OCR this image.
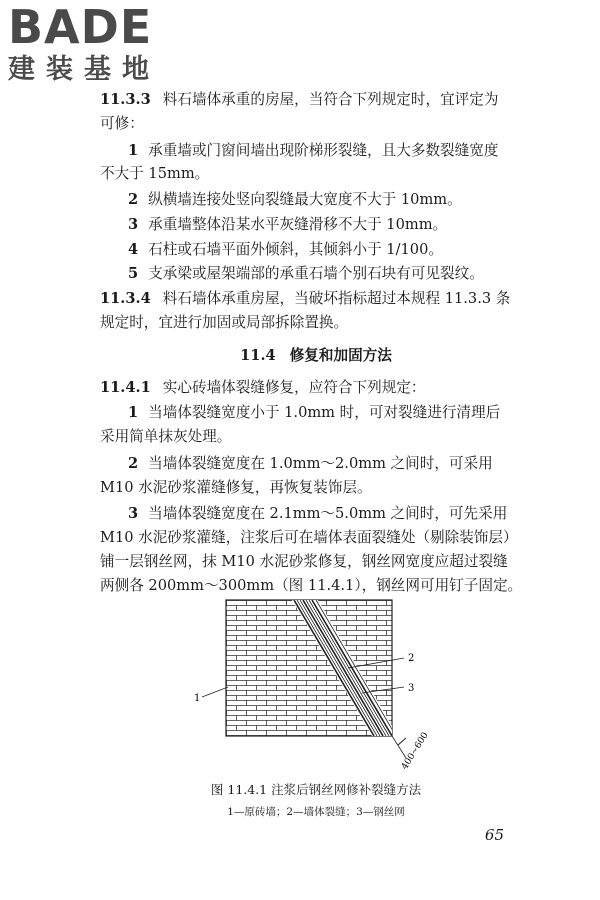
BADE
建装基地
11.3.3 料石墙体承重的房屋，当符合下列规定时，宜评定为
可修：
1 承重墙或门窗间墙出现阶梯形裂缝，且大多数裂缝宽度
不大于 15mm。
2 纵横墙连接处竖向裂缝最大宽度不大于 10mm。
3 承重墙整体沿某水平灰缝滑移不大于 10mm。
4 石柱或石墙平面外倾斜，其倾斜小于 1/100。
5 支承梁或屋架端部的承重石墙个别石块有可见裂纹。
11.3.4 料石墙体承重房屋，当破坏指标超过本规程 11.3.3 条
规定时，宜进行加固或局部拆除置换。
11.4 修复和加固方法
11.4.1 实心砖墙体裂缝修复，应符合下列规定：
1 当墙体裂缝宽度小于 1.0mm 时，可对裂缝进行清理后
采用简单抹灰处理。
2 当墙体裂缝宽度在 1.0mm～2.0mm 之间时，可采用
M10 水泥砂浆灌缝修复，再恢复装饰层。
3 当墙体裂缝宽度在 2.1mm～5.0mm 之间时，可先采用
M10 水泥砂浆灌缝，注浆后可在墙体表面裂缝处（剔除装饰层）
铺一层钢丝网，抹 M10 水泥砂浆修复，钢丝网宽度应超过裂缝
两侧各 200mm～300mm（图 11.4.1），钢丝网可用钉子固定。
1
2
3
400~600
图 11.4.1 注浆后钢丝网修补裂缝方法
1—原砖墙；2—墙体裂缝；3—钢丝网
65
